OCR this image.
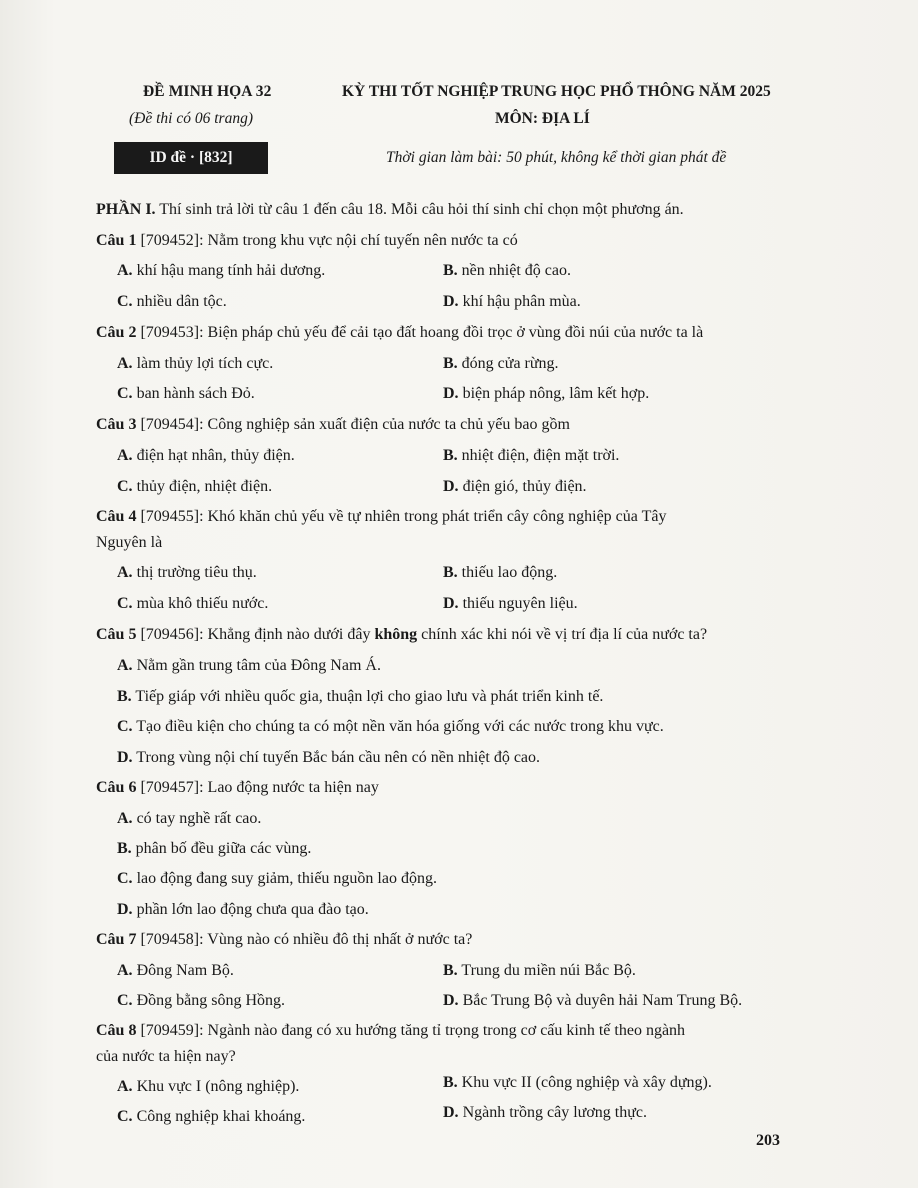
ĐỀ MINH HỌA 32
(Đề thi có 06 trang)
ID đề · [832]
KỲ THI TỐT NGHIỆP TRUNG HỌC PHỔ THÔNG NĂM 2025
MÔN: ĐỊA LÍ
Thời gian làm bài: 50 phút, không kể thời gian phát đề
PHẦN I. Thí sinh trả lời từ câu 1 đến câu 18. Mỗi câu hỏi thí sinh chỉ chọn một phương án.
Câu 1 [709452]: Nằm trong khu vực nội chí tuyến nên nước ta có
A. khí hậu mang tính hải dương.	B. nền nhiệt độ cao.
C. nhiều dân tộc.	D. khí hậu phân mùa.
Câu 2 [709453]: Biện pháp chủ yếu để cải tạo đất hoang đồi trọc ở vùng đồi núi của nước ta là
A. làm thủy lợi tích cực.	B. đóng cửa rừng.
C. ban hành sách Đỏ.	D. biện pháp nông, lâm kết hợp.
Câu 3 [709454]: Công nghiệp sản xuất điện của nước ta chủ yếu bao gồm
A. điện hạt nhân, thủy điện.	B. nhiệt điện, điện mặt trời.
C. thủy điện, nhiệt điện.	D. điện gió, thủy điện.
Câu 4 [709455]: Khó khăn chủ yếu về tự nhiên trong phát triển cây công nghiệp của Tây
Nguyên là
A. thị trường tiêu thụ.	B. thiếu lao động.
C. mùa khô thiếu nước.	D. thiếu nguyên liệu.
Câu 5 [709456]: Khẳng định nào dưới đây không chính xác khi nói về vị trí địa lí của nước ta?
A. Nằm gần trung tâm của Đông Nam Á.
B. Tiếp giáp với nhiều quốc gia, thuận lợi cho giao lưu và phát triển kinh tế.
C. Tạo điều kiện cho chúng ta có một nền văn hóa giống với các nước trong khu vực.
D. Trong vùng nội chí tuyến Bắc bán cầu nên có nền nhiệt độ cao.
Câu 6 [709457]: Lao động nước ta hiện nay
A. có tay nghề rất cao.
B. phân bố đều giữa các vùng.
C. lao động đang suy giảm, thiếu nguồn lao động.
D. phần lớn lao động chưa qua đào tạo.
Câu 7 [709458]: Vùng nào có nhiều đô thị nhất ở nước ta?
A. Đông Nam Bộ.	B. Trung du miền núi Bắc Bộ.
C. Đồng bằng sông Hồng.	D. Bắc Trung Bộ và duyên hải Nam Trung Bộ.
Câu 8 [709459]: Ngành nào đang có xu hướng tăng tỉ trọng trong cơ cấu kinh tế theo ngành
của nước ta hiện nay?
A. Khu vực I (nông nghiệp).	B. Khu vực II (công nghiệp và xây dựng).
C. Công nghiệp khai khoáng.	D. Ngành trồng cây lương thực.
203
